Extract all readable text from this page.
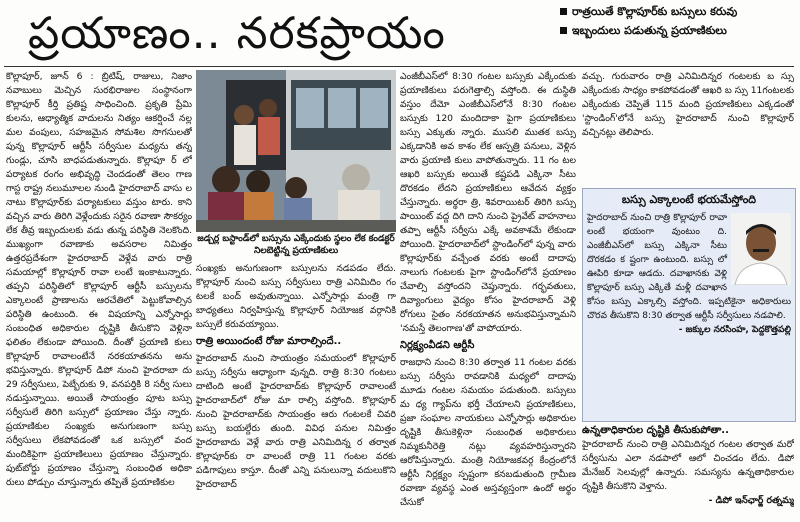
ప్రయాణం.. నరకప్రాయం	రాత్రయితే కొల్లాపూర్‌కు బస్సులు కరువు
ఇబ్బందులు పడుతున్న ప్రయాణికులు

కొల్లాపూర్, జూన్ 6 : బ్రిటిష్, రాజులు, నిజాం నవాబులు మెచ్చిన సురభిరాజుల సంస్థానంగా కొల్లాపూర్ కీర్తి ప్రతిష్ట సాధించింది. ప్రకృతి ప్రేమి కులను, ఆధ్యాత్మిక వాదులను నిత్యం ఆకర్షించే నల్ల మల వంపులు, సహజమైన సోమశిల సొగసులతో పున్న కొల్లాపూర్ ఆర్టీసీ సర్వీసుల మధ్యను తన్న గుండ్లు, చూసి బాధపడుతున్నారు. కొల్లాపూ ర్ లో పర్యాటక రంగం అభివృద్ధి చెందడంతో తెలం గాణ గాస్ట రాష్ట్ర నలుమూలల నుండి హైదరాబాద్ వాసు ల నాటు కొల్లాపూర్‌కు పర్యాటకులు వస్తుం టారు. కాని వచ్చిన వారు తిరిగి వెళ్లేందుకు సరైన రవాణా సౌకర్యం లేక తీవ్ర ఇబ్బందులకు వడు తున్న పరిస్థితి నెలకొంది. ముఖ్యంగా రవాణాకు అవసరాల నిమిత్తం ఉత్తరప్రదేశంగా హైదరాబాద్ వెళ్లేవ వారు రాత్రి సమయాల్లో కొల్లాపూర్ రావా లంటే ఇంకాటున్నారు. తప్పని పరిస్థితిలో కొల్లాపూర్ ఆర్టీసీ బస్సులను ఎక్కాలంటే ప్రాణాలను ఆరచేతిలో పెట్టుకోవాల్సిన పరిస్థితి ఉంటుంది. ఈ విషయాన్ని ఎన్నోసార్లు సంబంధిత అధికారుల దృష్టికి తీసుకొని వెళ్లినా ఫలితం లేకుండా పోయింది. దీంతో ప్రయాణి కులు కొల్లాపూర్ రావాలంటేనే నరకయాతనను అను భవిస్తున్నారు. కొల్లాపూర్ డిపో నుంచి హైదరాబా దు 29 సర్వీసులు, పెబ్బేరుకు 9, వనపర్తికి 8 సర్వీ సులు నడుస్తున్నాయి. అయితే సాయంత్రం పూట బస్సు సర్వీసులే తిరిగి బస్సులో ప్రయాణం చేస్తు న్నారు. ప్రయాణికుల సంఖ్యకు అనుగుణంగా బస్సు సర్వీసులు లేకపోవడంతో ఒక బస్సులో వంద మందికిపైగా ప్రయాణిలులు ప్రయాణం చేస్తున్నారు. పుట్‌బోర్డు ప్రయాణం చేస్తున్నా సంబంధిత అధికా రులు పోడ్చుం చూస్తున్నారు తప్పితే ప్రయాణికుల

జడ్చర్ల బస్టాండ్‌లో బస్సును ఎక్కేందుకు స్థలం లేక కండక్టర్ నిలబెట్టిన్న ప్రయాణికులు

సంఖ్యకు అనుగుణంగా బస్సులను నడపడం లేదు. కొల్లాపూర్ నుంచి బస్సు సర్వీసులు రాత్రి ఎనిమిదిం గం టలకే బంద్ అవుతున్నాయి. ఎన్నోసార్లు మంత్రి గా బాధ్యతలు నిర్వహిస్తున్న కొల్లాపూర్ నియోజక వర్గానికి బస్సులే కరువయ్యాయి.

రాత్రి అయిందంటే రోజు మారాల్సిందే..

హైదరాబాద్ నుంచి సాయంత్రం సమయంలో కొల్లాపూర్ బస్సు సర్వీసు ఆధ్యాంగా వున్నది. రాత్రి 8:30 గంటలు దాటింది అంటే హైదరాబాద్‌కు కొల్లాపూర్ రావాలంటే హైదరాబాద్‌లో రోజు మా రాల్సి వస్తోంది. కొల్లాపూర్ నుంచి హైదరాబాద్‌కు సాయంత్రం ఆరు గంటలకే చివరి బస్సు బయల్దేరు తుంది. వివిధ పనుల నిమిత్తం హైదరాబాదు వెళ్లే వారు రాత్రి ఎనిమిదిన్న ర తర్వాత కొల్లాపూర్‌కు రా వాలంటే రాత్రి 11 గంటల వరకు పడిగాపులు కాస్తూ. దీంతో ఎన్ని పనులున్నా వదులుకొని హైదరాబాద్

ఎంజీబీఎస్‌లో 8:30 గంటల బస్సుకు ఎక్కేందుకు ప్రయాణికులు పరుగెత్తాల్సి వస్తోంది. ఈ దుస్థితి వస్తుం దేమో ఎంజీబీఎస్‌లోనే 8:30 గంటల బస్సుకు 120 మందిదాకా పైగా ప్రయాణికులు బస్సు ఎక్కుతు న్నారు. ముసలి ముతక బస్సు ఎక్కడానికి అవ కాశం లేక ఆస్పత్రి పనులు, వెళ్లిన వారు ప్రయాణి కులు వాపోతున్నారు. 11 గం టల ఆఖరి బస్సుకు అయితే కష్టపడి ఎక్కినా సీటు దొరకడం లేదని ప్రయాణికులు ఆవేదన వ్యక్తం చేస్తున్నారు. అర్థరా త్రి, శివరాయిటర్ తిరిగి బస్సు పాయింట్ వద్ద దిగి దాని నుంచి ప్రైవేట్ వాహనాలు తప్పా ఆర్టీసీ సర్వీసు ఎక్కే అవకాశమే లేకుండా పోయింది. హైదరాబాద్‌లో స్టాండింగ్‌లో పున్న వారు కొల్లాపూర్‌కు వచ్చేంత వరకు అంటే దాదాపు నాలుగు గంటలకు పైగా స్టాండింగ్‌లోనే ప్రయాణం చేవాల్సి వస్తోందని చెప్తున్నారు. గర్భవతులు, దివ్యాంగులు వైద్యం కోసం హైదరాబాద్ వెళ్లి రోగులు సైతం నరకయాతన అనుభవిస్తున్నామని 'నమస్తే తెలంగాణ'తో వాపోయారు.

నిర్లక్ష్యంవీడని ఆర్టీసీ

రాజధాని నుంచి 8:30 తర్వాత 11 గంటల వరకు బస్సు సర్వీసు రావడానికి మధ్యలో దాదాపు మూడు గంటల సమయం పడుతుంది. బస్సులు మ ధ్య గ్యాప్‌ను భర్తీ చేయాలని ప్రయాణికులు, ప్రజా సంఘాల నాయకులు ఎన్నోసార్లు అధికారుల దృష్టికి తీసుకెళ్లినా సంబంధిత అధికారులు నిమ్మకునీరెత్తి నట్లు వ్యవహరిస్తున్నారని ఆరోపిస్తున్నారు. మంత్రి నియోజకవర్గ కేంద్రంలోనే ఆర్టీసీ నిర్లక్ష్యం స్పష్టంగా కనబడుతుంది గ్రామీణ రవాణా వ్యవస్థ ఎంత అస్తవ్యస్తంగా ఉందో అర్థం చేసుకో

వచ్చు. గురువారం రాత్రి ఎనిమిదిన్నర గంటలకు బ స్సు ఎక్కేందుకు సాధ్యం కాకపోవడంతో ఆఖరి బ స్సు 11గంటలకు ఎక్కేందుకు చెప్పితే 115 మంది ప్రయాణికులు ఎక్కడంతో 'స్టాండింగ్‌'లోనే బస్సు హైదరాబాద్ నుంచి కొల్లాపూర్ వచ్చినట్లు తెలిపారు.

బస్సు ఎక్కాలంటే భయమేస్తోంది

హైదరాబాద్ నుంచి రాత్రి కొల్లాపూర్ రావా లంటే భయంగా వుంటుం ది. ఎంజీబీఎస్‌లో బస్సు ఎక్కినా సీటు దొరకడం క ష్టంగా ఉంటుంది. బస్సు లో ఊపిరి కూడా ఆడదు. దవాఖానకు వెళ్లి కొల్లాపూర్ బస్సు ఎక్కితే మళ్లీ దవాఖాన కోసం బస్సు ఎక్కాల్సి వస్తోంది. ఇప్పటికైనా అధికారులు చొరవ తీసుకొని 8:30 తర్వాత ఆర్టీసీ సర్వీసులు నడపాలి.

- జక్కుల నరసింహ, పెద్దకొత్తపల్లి

ఉన్నతాధికారుల దృష్టికి తీసుకుపోతా..

హైదరాబాద్ నుంచి రాత్రి ఎనిమిదిన్నర గంటల తర్వాత మరో సర్వీసును ఎలా నడపాలో ఆలో చించడం లేదు. డిపో మేనేజర్ సెలవుల్లో ఉన్నారు. సమస్యను ఉన్నతాధికారుల దృష్టికి తీసుకొని వెళ్తాను.

- డిపో ఇన్‌ఛార్జ్ రత్నమ్మ
